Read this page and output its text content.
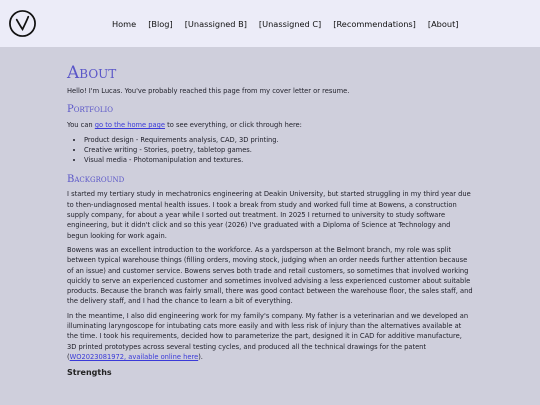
Home [Blog] [Unassigned B] [Unassigned C] [Recommendations] [About]
About

Hello! I'm Lucas. You've probably reached this page from my cover letter or resume.

Portfolio

You can go to the home page to see everything, or click through here:

• Product design - Requirements analysis, CAD, 3D printing.
• Creative writing - Stories, poetry, tabletop games.
• Visual media - Photomanipulation and textures.
Background

I started my tertiary study in mechatronics engineering at Deakin University, but started struggling in my third year due to then-undiagnosed mental health issues. I took a break from study and worked full time at Bowens, a construction supply company, for about a year while I sorted out treatment. In 2025 I returned to university to study software engineering, but it didn't click and so this year (2026) I've graduated with a Diploma of Science at Technology and begun looking for work again.

Bowens was an excellent introduction to the workforce. As a yardsperson at the Belmont branch, my role was split between typical warehouse things (filling orders, moving stock, judging when an order needs further attention because of an issue) and customer service. Bowens serves both trade and retail customers, so sometimes that involved working quickly to serve an experienced customer and sometimes involved advising a less experienced customer about suitable products. Because the branch was fairly small, there was good contact between the warehouse floor, the sales staff, and the delivery staff, and I had the chance to learn a bit of everything.

In the meantime, I also did engineering work for my family's company. My father is a veterinarian and we developed an illuminating laryngoscope for intubating cats more easily and with less risk of injury than the alternatives available at the time. I took his requirements, decided how to parameterize the part, designed it in CAD for additive manufacture, 3D printed prototypes across several testing cycles, and produced all the technical drawings for the patent (WO2023081972, available online here).

Strengths
